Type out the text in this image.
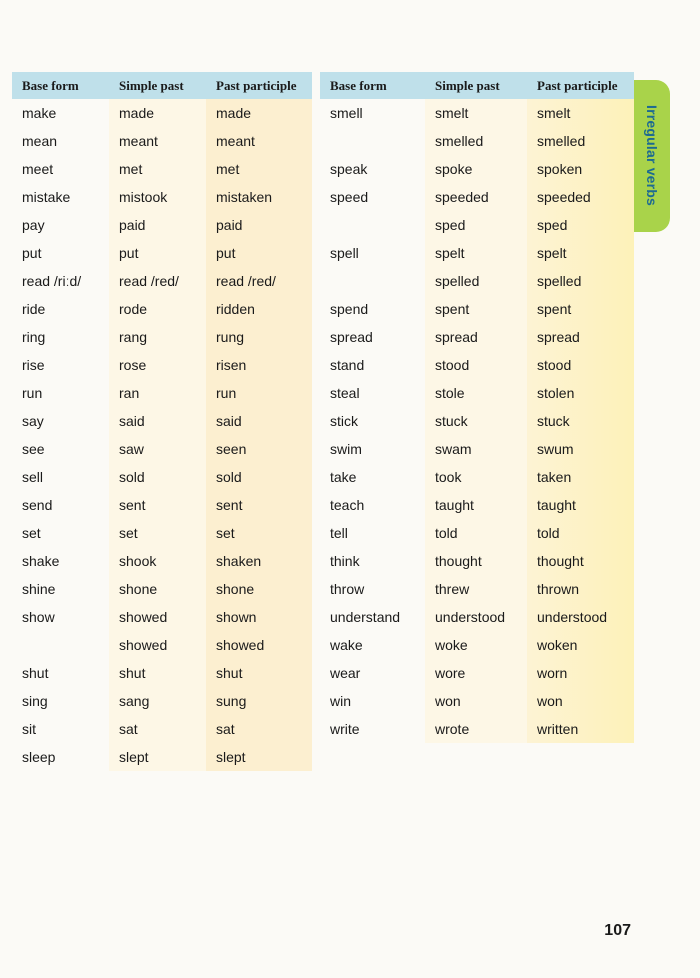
Base form	Simple past	Past participle
make	made	made
mean	meant	meant
meet	met	met
mistake	mistook	mistaken
pay	paid	paid
put	put	put
read /riːd/	read /red/	read /red/
ride	rode	ridden
ring	rang	rung
rise	rose	risen
run	ran	run
say	said	said
see	saw	seen
sell	sold	sold
send	sent	sent
set	set	set
shake	shook	shaken
shine	shone	shone
show	showed	shown
	showed	showed
shut	shut	shut
sing	sang	sung
sit	sat	sat
sleep	slept	slept
Base form	Simple past	Past participle
smell	smelt	smelt
	smelled	smelled
speak	spoke	spoken
speed	speeded	speeded
	sped	sped
spell	spelt	spelt
	spelled	spelled
spend	spent	spent
spread	spread	spread
stand	stood	stood
steal	stole	stolen
stick	stuck	stuck
swim	swam	swum
take	took	taken
teach	taught	taught
tell	told	told
think	thought	thought
throw	threw	thrown
understand	understood	understood
wake	woke	woken
wear	wore	worn
win	won	won
write	wrote	written
Irregular verbs
107
